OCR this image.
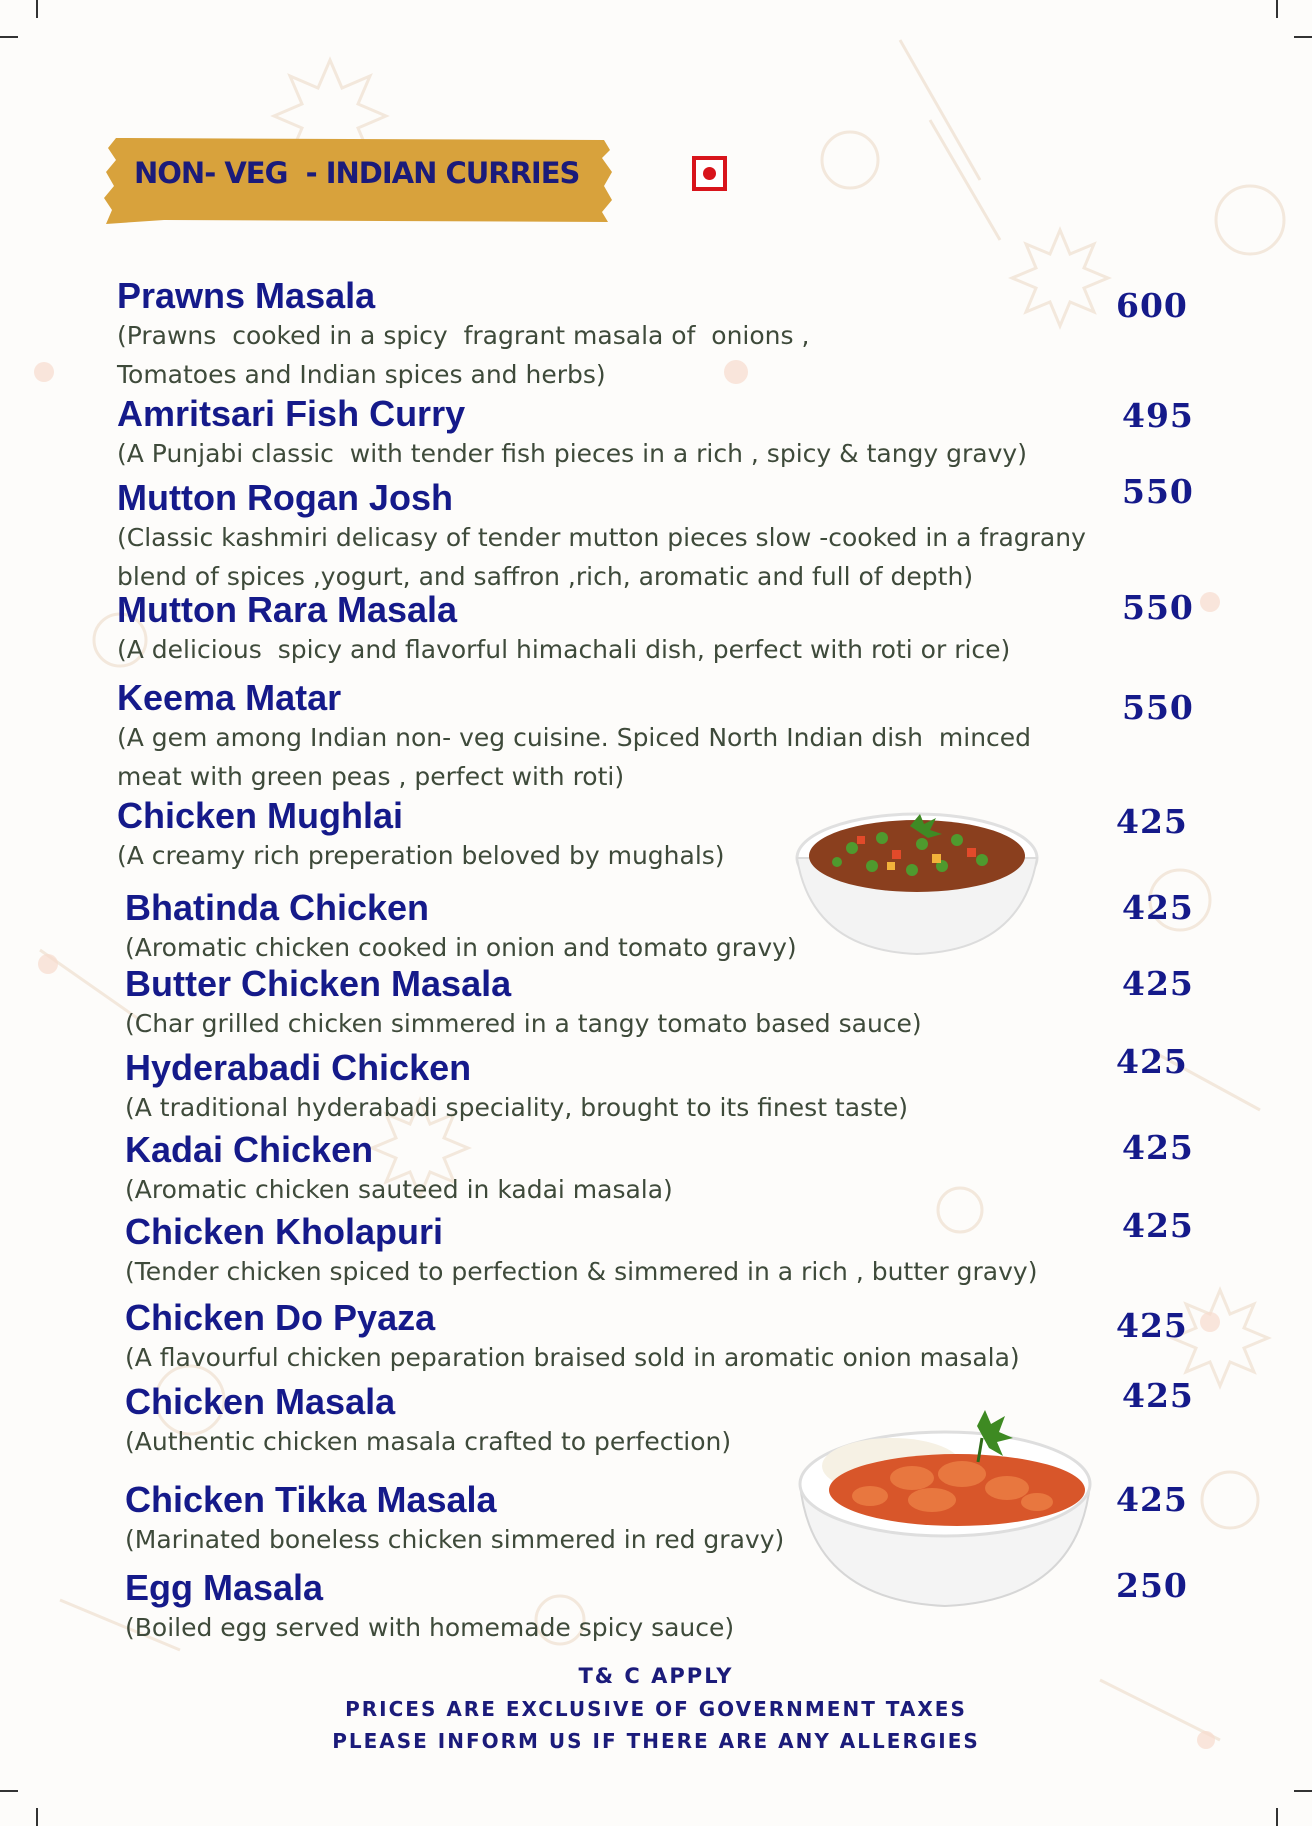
NON- VEG  - INDIAN CURRIES
Prawns Masala
(Prawns  cooked in a spicy  fragrant masala of  onions ,
Tomatoes and Indian spices and herbs)
600
Amritsari Fish Curry
(A Punjabi classic  with tender fish pieces in a rich , spicy & tangy gravy)
495
Mutton Rogan Josh
(Classic kashmiri delicasy of tender mutton pieces slow -cooked in a fragrany
blend of spices ,yogurt, and saffron ,rich, aromatic and full of depth)
550
Mutton Rara Masala
(A delicious  spicy and flavorful himachali dish, perfect with roti or rice)
550
Keema Matar
(A gem among Indian non- veg cuisine. Spiced North Indian dish  minced
meat with green peas , perfect with roti)
550
Chicken Mughlai
(A creamy rich preperation beloved by mughals)
425
Bhatinda Chicken
(Aromatic chicken cooked in onion and tomato gravy)
425
Butter Chicken Masala
(Char grilled chicken simmered in a tangy tomato based sauce)
425
Hyderabadi Chicken
(A traditional hyderabadi speciality, brought to its finest taste)
425
Kadai Chicken
(Aromatic chicken sauteed in kadai masala)
425
Chicken Kholapuri
(Tender chicken spiced to perfection & simmered in a rich , butter gravy)
425
Chicken Do Pyaza
(A flavourful chicken peparation braised sold in aromatic onion masala)
425
Chicken Masala
(Authentic chicken masala crafted to perfection)
425
Chicken Tikka Masala
(Marinated boneless chicken simmered in red gravy)
425
Egg Masala
(Boiled egg served with homemade spicy sauce)
250
T& C APPLY
PRICES ARE EXCLUSIVE OF GOVERNMENT TAXES
PLEASE INFORM US IF THERE ARE ANY ALLERGIES
